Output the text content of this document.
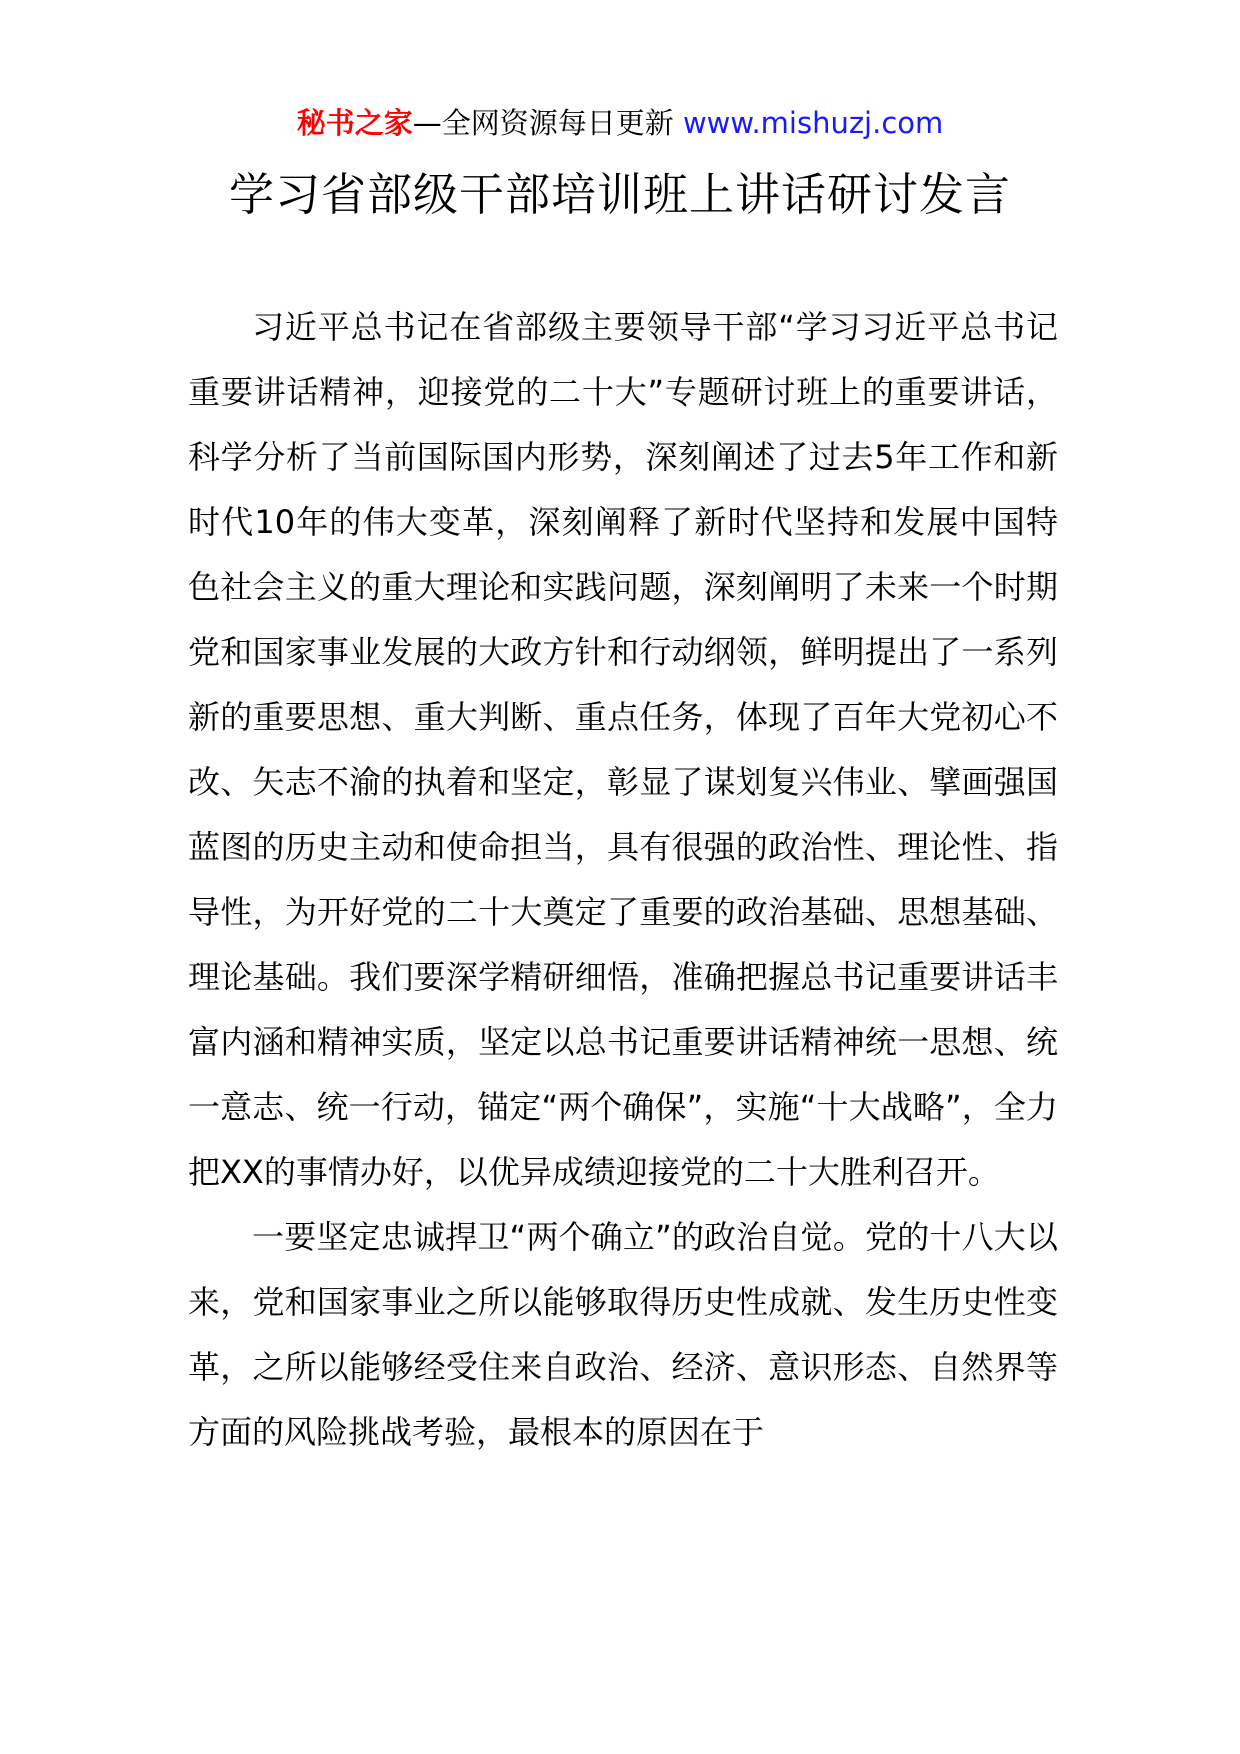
秘书之家—全网资源每日更新 www.mishuzj.com
学习省部级干部培训班上讲话研讨发言

习近平总书记在省部级主要领导干部“学习习近平总书记重要讲话精神，迎接党的二十大”专题研讨班上的重要讲话，科学分析了当前国际国内形势，深刻阐述了过去5年工作和新时代10年的伟大变革，深刻阐释了新时代坚持和发展中国特色社会主义的重大理论和实践问题，深刻阐明了未来一个时期党和国家事业发展的大政方针和行动纲领，鲜明提出了一系列新的重要思想、重大判断、重点任务，体现了百年大党初心不改、矢志不渝的执着和坚定，彰显了谋划复兴伟业、擘画强国蓝图的历史主动和使命担当，具有很强的政治性、理论性、指导性，为开好党的二十大奠定了重要的政治基础、思想基础、理论基础。我们要深学精研细悟，准确把握总书记重要讲话丰富内涵和精神实质，坚定以总书记重要讲话精神统一思想、统一意志、统一行动，锚定“两个确保”，实施“十大战略”，全力把XX的事情办好，以优异成绩迎接党的二十大胜利召开。

一要坚定忠诚捍卫“两个确立”的政治自觉。党的十八大以来，党和国家事业之所以能够取得历史性成就、发生历史性变革，之所以能够经受住来自政治、经济、意识形态、自然界等方面的风险挑战考验，最根本的原因在于
